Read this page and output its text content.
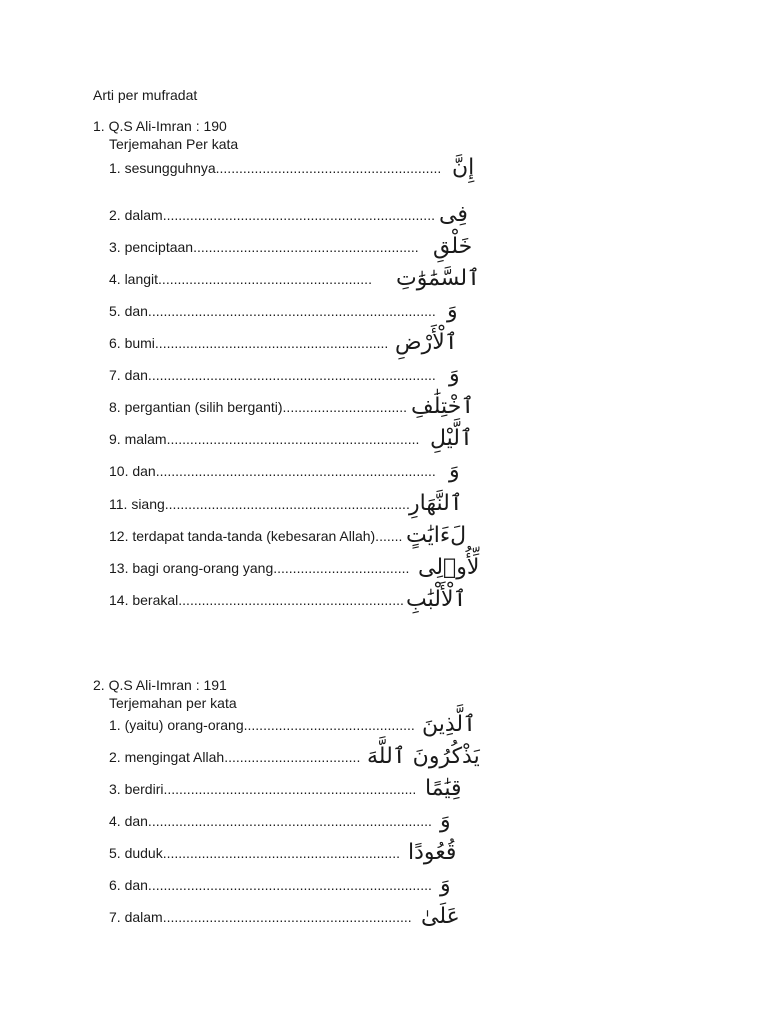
Arti per mufradat
1. Q.S Ali-Imran : 190
Terjemahan Per kata
1. sesungguhnya.......................................................... إِنَّ
2. dalam...................................................................... فِى
3. penciptaan.......................................................... خَلْقِ
4. langit....................................................... ٱلسَّمَٰوَٰتِ
5. dan.......................................................................... وَ
6. bumi............................................................ ٱلْأَرْضِ
7. dan.......................................................................... وَ
8. pergantian (silih berganti)................................ ٱخْتِلَٰفِ
9. malam................................................................. ٱلَّيْلِ
10. dan........................................................................ وَ
11. siang............................................................... ٱلنَّهَارِ
12. terdapat tanda-tanda (kebesaran Allah)....... لَءَايَٰتٍ
13. bagi orang-orang yang................................... لِّأُو۟لِى
14. berakal.......................................................... ٱلْأَلْبَٰبِ
2. Q.S Ali-Imran : 191
Terjemahan per kata
1. (yaitu) orang-orang............................................ ٱلَّذِينَ
2. mengingat Allah................................... يَذْكُرُونَ ٱللَّهَ
3. berdiri................................................................. قِيَٰمًا
4. dan......................................................................... وَ
5. duduk............................................................. قُعُودًا
6. dan......................................................................... وَ
7. dalam................................................................ عَلَىٰ
